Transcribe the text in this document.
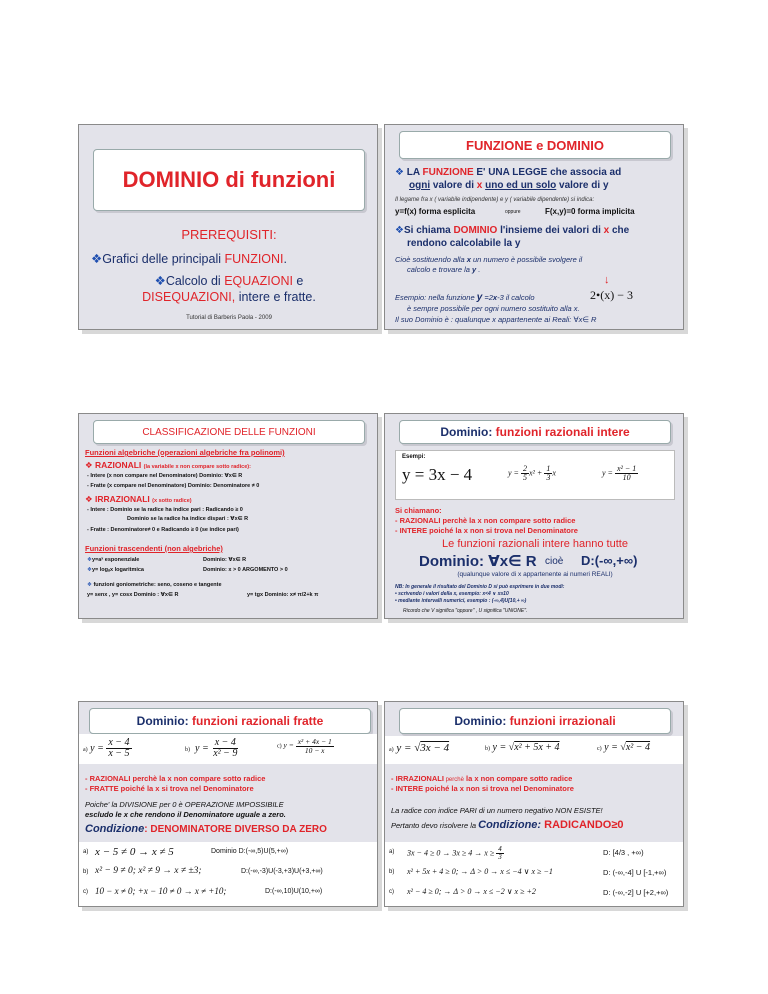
DOMINIO di funzioni
PREREQUISITI:
❖Grafici delle principali FUNZIONI.
❖Calcolo di EQUAZIONI e
DISEQUAZIONI, intere e fratte.
Tutorial di Barberis Paola - 2009
FUNZIONE e DOMINIO
❖ LA FUNZIONE E' UNA LEGGE che associa ad
ogni valore di x uno ed un solo valore di y
Il legame fra x ( variabile indipendente) e y ( variabile dipendente) si indica:
y=f(x) forma esplicita	oppure	F(x,y)=0 forma implicita
❖Si chiama DOMINIO l'insieme dei valori di x che
rendono calcolabile la y
Cioè sostituendo alla x un numero è possibile svolgere il
calcolo e trovare la y .
↓
Esempio: nella funzione y =2x-3 il calcolo	2•(x) − 3
è sempre possibile per ogni numero sostituito alla x.
Il suo Dominio è : qualunque x appartenente ai Reali: ∀x∈ R
CLASSIFICAZIONE DELLE FUNZIONI
Funzioni algebriche (operazioni algebriche fra polinomi)
❖ RAZIONALI (la variabile x non compare sotto radice):
- Intere (x non compare nel Denominatore) Dominio: ∀x∈ R
- Fratte (x compare nel Denominatore) Dominio: Denominatore ≠ 0
❖ IRRAZIONALI (x sotto radice)
- Intere : Dominio se la radice ha indice pari : Radicando ≥ 0
Dominio se la radice ha indice dispari : ∀x∈ R
- Fratte : Denominatore≠ 0 e Radicando ≥ 0 (se indice pari)
Funzioni trascendenti (non algebriche)
❖y=aˣ esponenziale	Dominio: ∀x∈ R
❖y= logₐx logaritmica	Dominio: x > 0 ARGOMENTO > 0
❖ funzioni goniometriche: seno, coseno e tangente
y= senx , y= cosx Dominio : ∀x∈ R	y= tgx Dominio: x≠ π/2+k π
Dominio: funzioni razionali intere
Esempi:
y = 3x − 4	$y = \frac{2}{5} x^2 + \frac{1}{3}$ x	$y = \frac{\text{x² − 1}}{10}$
Si chiamano:
- RAZIONALI perchè la x non compare sotto radice
- INTERE poiché la x non si trova nel Denominatore
Le funzioni razionali intere hanno tutte
Dominio: ∀x∈ R cioè D:(-∞,+∞)
(qualunque valore di x appartenente ai numeri REALI)
NB: In generale il risultato del Dominio D si può esprimere in due modi:
• scrivendo i valori della x, esempio: x<4 ∨ x≥10
• mediante intervalli numerici, esempio : (-∞,4)U[10,+ ∞)
Ricordo che V significa "oppure" , U significa "UNIONE".
Dominio: funzioni razionali fratte
a) $y = \frac{x - 4}{x - 5}$	b)  $y = \frac{x - 4}{\text{x² − 9}}$	c) $y = \frac{\text{x² + 4x − 1}}{10 - x}$
- RAZIONALI perchè la x non compare sotto radice
- FRATTE poiché la x si trova nel Denominatore
Poiche' la DIVISIONE per 0 è OPERAZIONE IMPOSSIBILE
escludo le x che rendono il Denominatore uguale a zero.
Condizione: DENOMINATORE DIVERSO DA ZERO
a) x − 5 ≠ 0 → x ≠ 5	Dominio D:(-∞,5)U(5,+∞)
b) x² − 9 ≠ 0; x² ≠ 9 → x ≠ ±3;	D:(-∞,-3)U(-3,+3)U(+3,+∞)
c) 10 − x ≠ 0; +x − 10 ≠ 0 → x ≠ +10;	D:(-∞,10)U(10,+∞)
Dominio: funzioni irrazionali
a) y = √3x − 4	b) y = √x² + 5x + 4	c) y = √x² − 4
- IRRAZIONALI perchè la x non compare sotto radice
- INTERE poiché la x non si trova nel Denominatore
La radice con indice PARI di un numero negativo NON ESISTE!
Pertanto devo risolvere la Condizione: RADICANDO≥0
a) $3x - 4 \ge 0 \to 3x \ge 4 \to x \ge \frac{4}{3}$	D: [4/3 , +∞)
b) x² + 5x + 4 ≥ 0; → Δ > 0 → x ≤ −4 ∨ x ≥ −1	D: (-∞,-4] U [-1,+∞)
c) x² − 4 ≥ 0; → Δ > 0 → x ≤ −2 ∨ x ≥ +2	D: (-∞,-2] U [+2,+∞)
